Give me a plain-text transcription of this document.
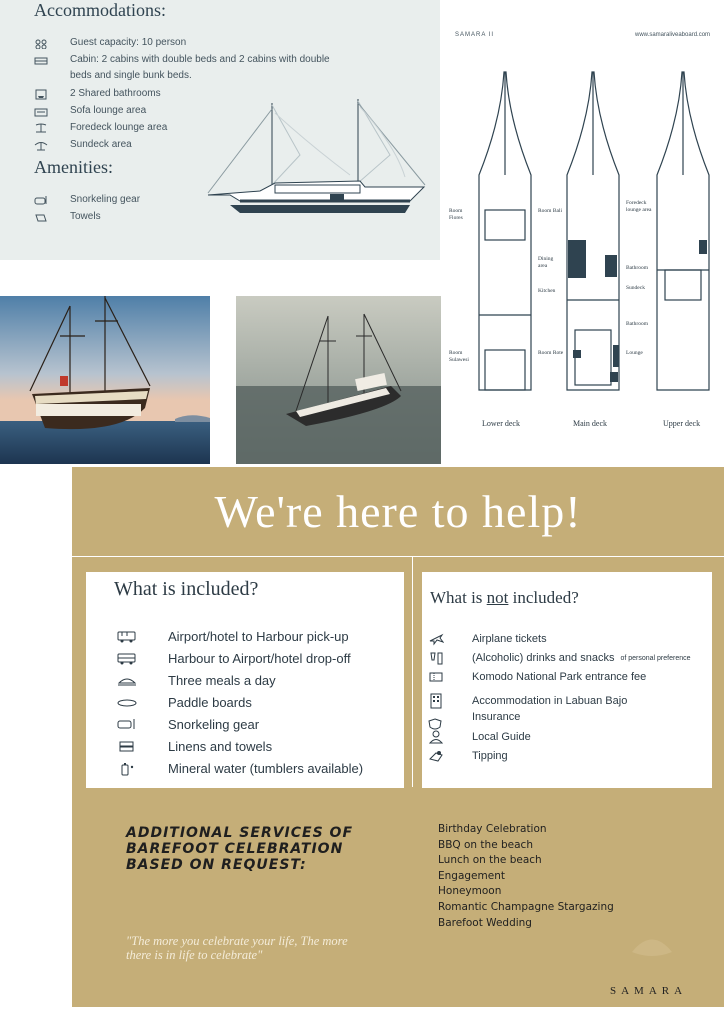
Accommodations:
Guest capacity: 10 person
Cabin: 2 cabins with double beds and 2 cabins with double beds and single bunk beds.
2 Shared bathrooms
Sofa lounge area
Foredeck lounge area
Sundeck area
Amenities:
Snorkeling gear
Towels
SAMARA II	www.samaraliveaboard.com
Room Flores
Room Bali
Room Sulawesi
Room Rote
Dining area
Kitchen
Foredeck lounge area
Bathroom
Sundeck
Bathroom
Lounge
Lower deck	Main deck	Upper deck
We're here to help!
What is included?
Airport/hotel to Harbour pick-up
Harbour to Airport/hotel drop-off
Three meals a day
Paddle boards
Snorkeling gear
Linens and towels
Mineral water (tumblers available)
What is not included?
Airplane tickets
(Alcoholic) drinks and snacks of personal preference
Komodo National Park entrance fee
Accommodation in Labuan Bajo
Insurance
Local Guide
Tipping
ADDITIONAL SERVICES OF
BAREFOOT CELEBRATION
BASED ON REQUEST:
Birthday Celebration
BBQ on the beach
Lunch on the beach
Engagement
Honeymoon
Romantic Champagne Stargazing
Barefoot Wedding
"The more you celebrate your life, The more
there is in life to celebrate"
SAMARA
